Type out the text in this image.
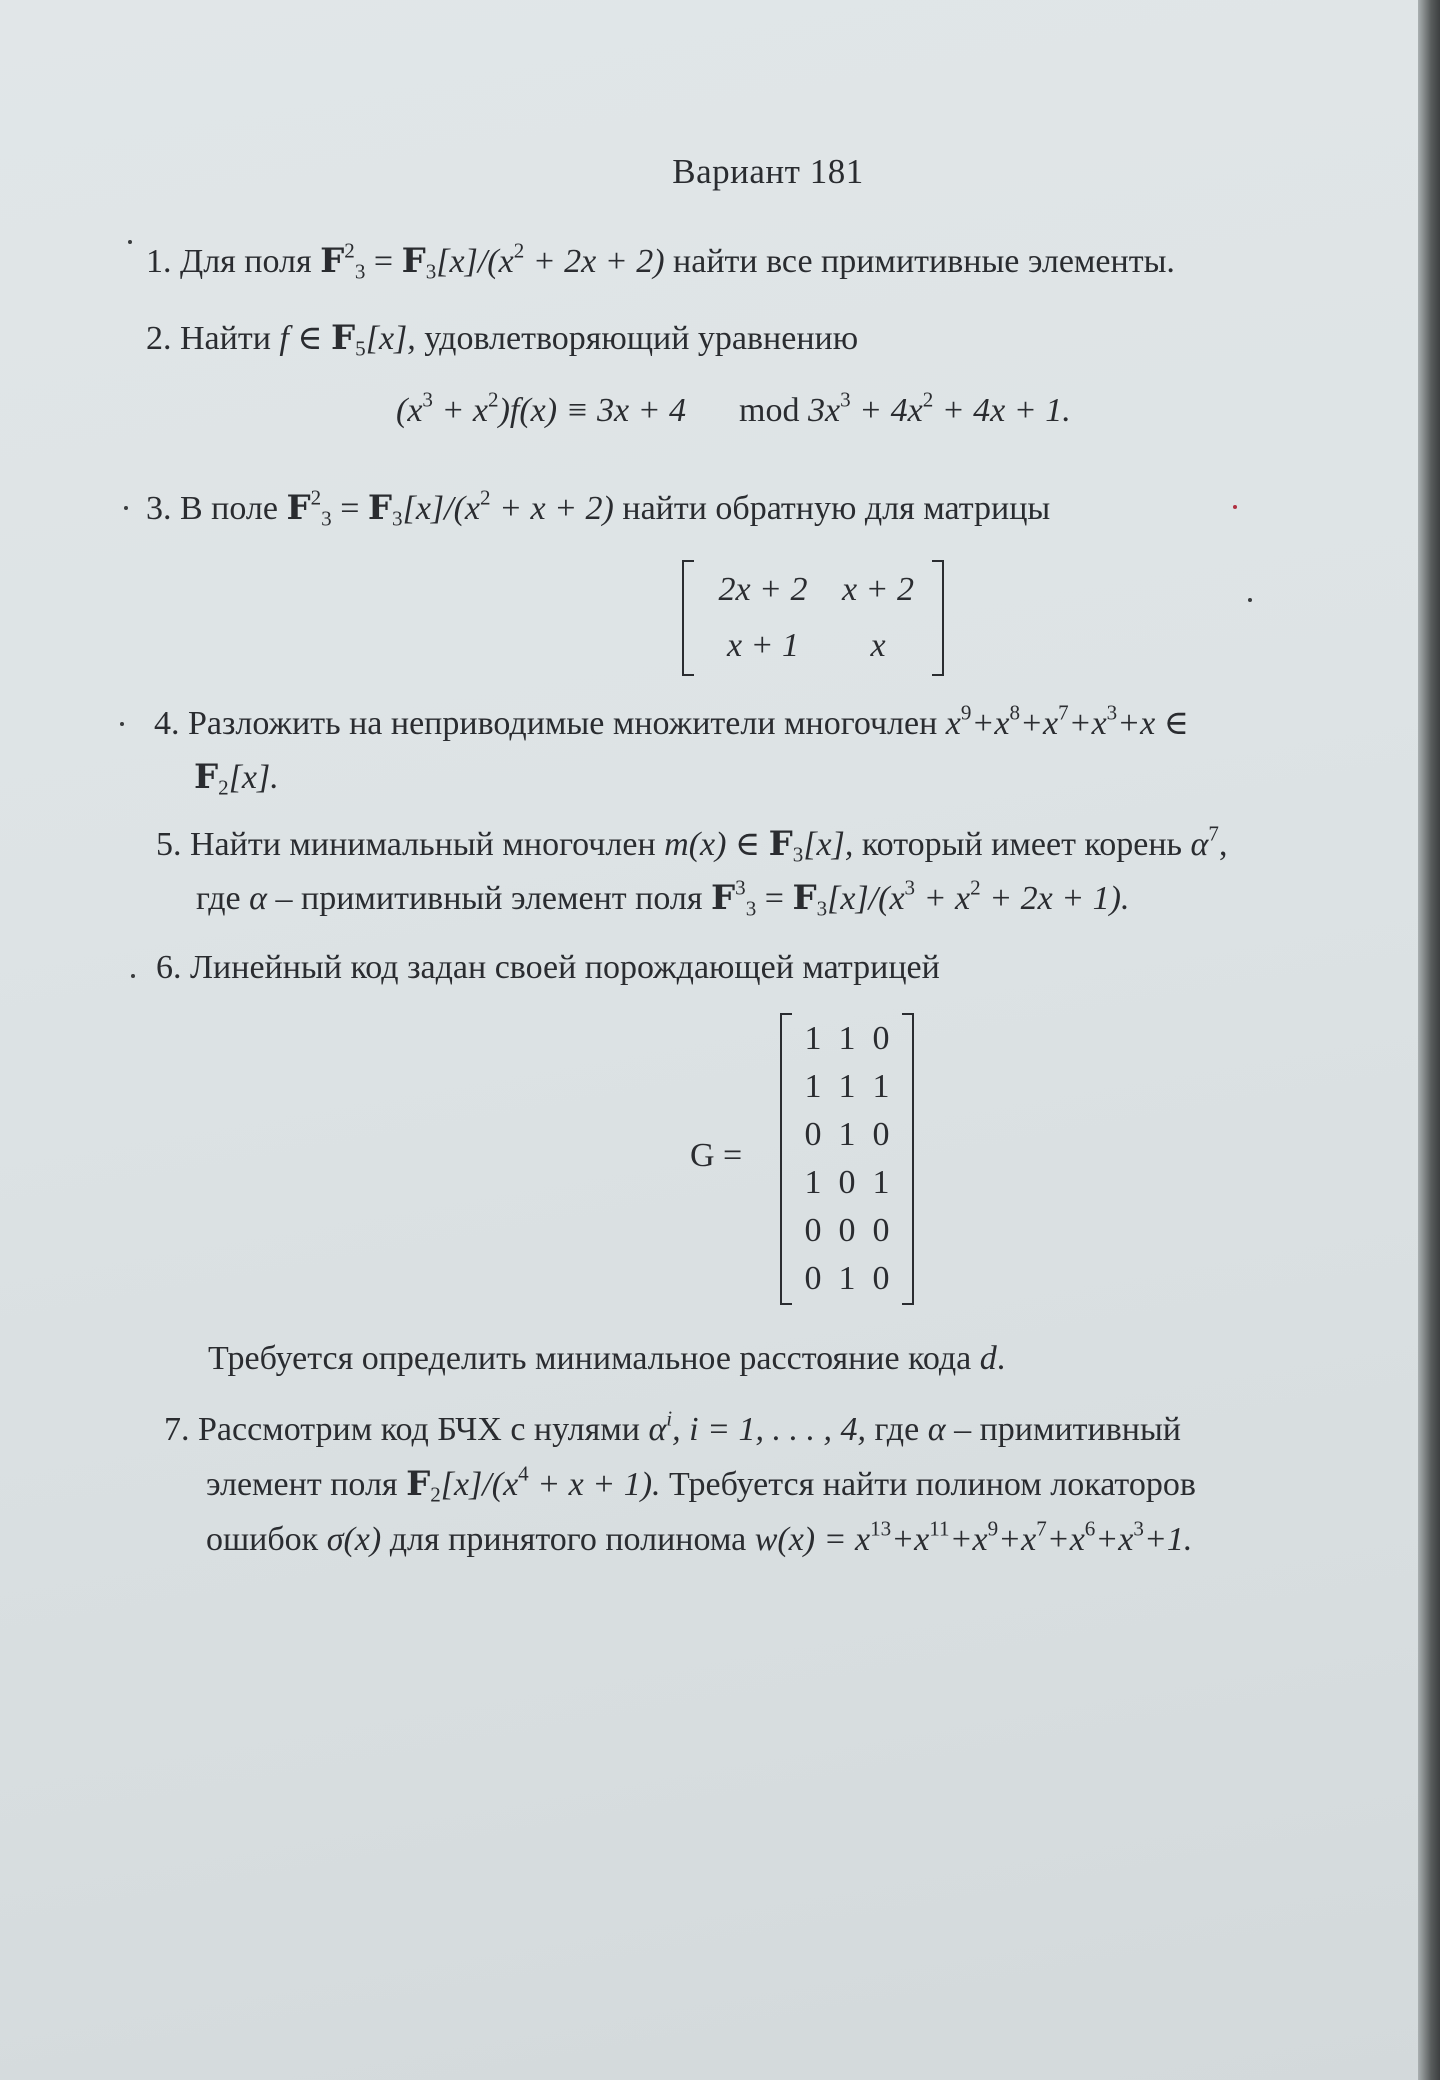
Вариант 181
1. Для поля $F^2_3 = F_3[x]/(x^2 + 2x + 2)$ найти все примитивные элементы.
2. Найти f ∈ $F_5[x]$, удовлетворяющий уравнению
$(x^3 + x^2)f(x) \equiv 3x + 4$ mod $3x^3 + 4x^2 + 4x + 1$.
3. В поле $F^2_3 = F_3[x]/(x^2 + x + 2)$ найти обратную для матрицы
2x + 2	x + 2
x + 1	x
4. Разложить на неприводимые множители многочлен $x^9+x^8+x^7+x^3+x$ ∈
$F_2[x]$.
5. Найти минимальный многочлен m(x) ∈ $F_3[x]$, который имеет корень $\alpha^7$,
где α – примитивный элемент поля $F^3_3 = F_3[x]/(x^3 + x^2 + 2x + 1)$.
6. Линейный код задан своей порождающей матрицей
G =
1 1 0
1 1 1
0 1 0
1 0 1
0 0 0
0 1 0
Требуется определить минимальное расстояние кода d.
7. Рассмотрим код БЧХ с нулями $\alpha^i$, i = 1, . . . , 4, где α – примитивный
элемент поля $F_2[x]/(x^4 + x + 1)$. Требуется найти полином локаторов
ошибок σ(x) для принятого полинома $w(x) = x^{13}+x^{11}+x^9+x^7+x^6+x^3+1$.
